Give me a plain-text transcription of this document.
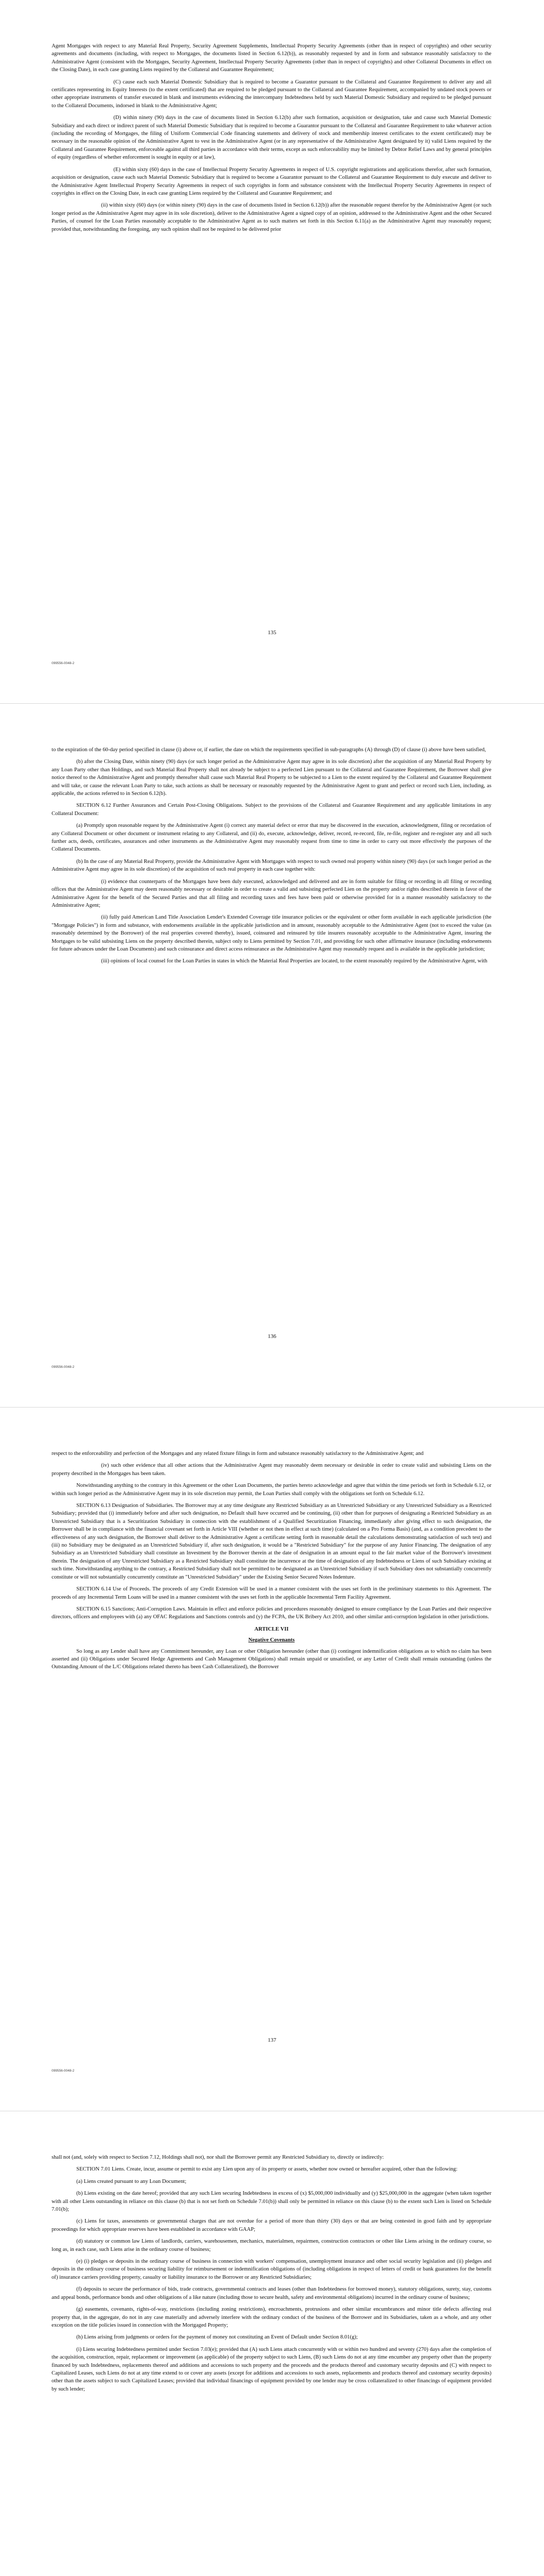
Agent Mortgages with respect to any Material Real Property, Security Agreement Supplements, Intellectual Property Security Agreements (other than in respect of copyrights) and other security agreements and documents (including, with respect to Mortgages, the documents listed in Section 6.12(b)), as reasonably requested by and in form and substance reasonably satisfactory to the Administrative Agent (consistent with the Mortgages, Security Agreement, Intellectual Property Security Agreements (other than in respect of copyrights) and other Collateral Documents in effect on the Closing Date), in each case granting Liens required by the Collateral and Guarantee Requirement;

(C) cause each such Material Domestic Subsidiary that is required to become a Guarantor pursuant to the Collateral and Guarantee Requirement to deliver any and all certificates representing its Equity Interests (to the extent certificated) that are required to be pledged pursuant to the Collateral and Guarantee Requirement, accompanied by undated stock powers or other appropriate instruments of transfer executed in blank and instruments evidencing the intercompany Indebtedness held by such Material Domestic Subsidiary and required to be pledged pursuant to the Collateral Documents, indorsed in blank to the Administrative Agent;

(D) within ninety (90) days in the case of documents listed in Section 6.12(b) after such formation, acquisition or designation, take and cause such Material Domestic Subsidiary and each direct or indirect parent of such Material Domestic Subsidiary that is required to become a Guarantor pursuant to the Collateral and Guarantee Requirement to take whatever action (including the recording of Mortgages, the filing of Uniform Commercial Code financing statements and delivery of stock and membership interest certificates to the extent certificated) may be necessary in the reasonable opinion of the Administrative Agent to vest in the Administrative Agent (or in any representative of the Administrative Agent designated by it) valid Liens required by the Collateral and Guarantee Requirement, enforceable against all third parties in accordance with their terms, except as such enforceability may be limited by Debtor Relief Laws and by general principles of equity (regardless of whether enforcement is sought in equity or at law),

(E) within sixty (60) days in the case of Intellectual Property Security Agreements in respect of U.S. copyright registrations and applications therefor, after such formation, acquisition or designation, cause each such Material Domestic Subsidiary that is required to become a Guarantor pursuant to the Collateral and Guarantee Requirement to duly execute and deliver to the Administrative Agent Intellectual Property Security Agreements in respect of such copyrights in form and substance consistent with the Intellectual Property Security Agreements in respect of copyrights in effect on the Closing Date, in each case granting Liens required by the Collateral and Guarantee Requirement; and

(ii) within sixty (60) days (or within ninety (90) days in the case of documents listed in Section 6.12(b)) after the reasonable request therefor by the Administrative Agent (or such longer period as the Administrative Agent may agree in its sole discretion), deliver to the Administrative Agent a signed copy of an opinion, addressed to the Administrative Agent and the other Secured Parties, of counsel for the Loan Parties reasonably acceptable to the Administrative Agent as to such matters set forth in this Section 6.11(a) as the Administrative Agent may reasonably request; provided that, notwithstanding the foregoing, any such opinion shall not be required to be delivered prior

135
099556-0048-2

to the expiration of the 60-day period specified in clause (i) above or, if earlier, the date on which the requirements specified in sub-paragraphs (A) through (D) of clause (i) above have been satisfied,

(b) after the Closing Date, within ninety (90) days (or such longer period as the Administrative Agent may agree in its sole discretion) after the acquisition of any Material Real Property by any Loan Party other than Holdings, and such Material Real Property shall not already be subject to a perfected Lien pursuant to the Collateral and Guarantee Requirement, the Borrower shall give notice thereof to the Administrative Agent and promptly thereafter shall cause such Material Real Property to be subjected to a Lien to the extent required by the Collateral and Guarantee Requirement and will take, or cause the relevant Loan Party to take, such actions as shall be necessary or reasonably requested by the Administrative Agent to grant and perfect or record such Lien, including, as applicable, the actions referred to in Section 6.12(b).

SECTION 6.12 Further Assurances and Certain Post-Closing Obligations. Subject to the provisions of the Collateral and Guarantee Requirement and any applicable limitations in any Collateral Document:

(a) Promptly upon reasonable request by the Administrative Agent (i) correct any material defect or error that may be discovered in the execution, acknowledgment, filing or recordation of any Collateral Document or other document or instrument relating to any Collateral, and (ii) do, execute, acknowledge, deliver, record, re-record, file, re-file, register and re-register any and all such further acts, deeds, certificates, assurances and other instruments as the Administrative Agent may reasonably request from time to time in order to carry out more effectively the purposes of the Collateral Documents.

(b) In the case of any Material Real Property, provide the Administrative Agent with Mortgages with respect to such owned real property within ninety (90) days (or such longer period as the Administrative Agent may agree in its sole discretion) of the acquisition of such real property in each case together with:

(i) evidence that counterparts of the Mortgages have been duly executed, acknowledged and delivered and are in form suitable for filing or recording in all filing or recording offices that the Administrative Agent may deem reasonably necessary or desirable in order to create a valid and subsisting perfected Lien on the property and/or rights described therein in favor of the Administrative Agent for the benefit of the Secured Parties and that all filing and recording taxes and fees have been paid or otherwise provided for in a manner reasonably satisfactory to the Administrative Agent;

(ii) fully paid American Land Title Association Lender's Extended Coverage title insurance policies or the equivalent or other form available in each applicable jurisdiction (the "Mortgage Policies") in form and substance, with endorsements available in the applicable jurisdiction and in amount, reasonably acceptable to the Administrative Agent (not to exceed the value (as reasonably determined by the Borrower) of the real properties covered thereby), issued, coinsured and reinsured by title insurers reasonably acceptable to the Administrative Agent, insuring the Mortgages to be valid subsisting Liens on the property described therein, subject only to Liens permitted by Section 7.01, and providing for such other affirmative insurance (including endorsements for future advances under the Loan Documents) and such coinsurance and direct access reinsurance as the Administrative Agent may reasonably request and is available in the applicable jurisdiction;

(iii) opinions of local counsel for the Loan Parties in states in which the Material Real Properties are located, to the extent reasonably required by the Administrative Agent, with

136
099556-0048-2

respect to the enforceability and perfection of the Mortgages and any related fixture filings in form and substance reasonably satisfactory to the Administrative Agent; and

(iv) such other evidence that all other actions that the Administrative Agent may reasonably deem necessary or desirable in order to create valid and subsisting Liens on the property described in the Mortgages has been taken.

Notwithstanding anything to the contrary in this Agreement or the other Loan Documents, the parties hereto acknowledge and agree that within the time periods set forth in Schedule 6.12, or within such longer period as the Administrative Agent may in its sole discretion may permit, the Loan Parties shall comply with the obligations set forth on Schedule 6.12.

SECTION 6.13 Designation of Subsidiaries. The Borrower may at any time designate any Restricted Subsidiary as an Unrestricted Subsidiary or any Unrestricted Subsidiary as a Restricted Subsidiary; provided that (i) immediately before and after such designation, no Default shall have occurred and be continuing, (ii) other than for purposes of designating a Restricted Subsidiary as an Unrestricted Subsidiary that is a Securitization Subsidiary in connection with the establishment of a Qualified Securitization Financing, immediately after giving effect to such designation, the Borrower shall be in compliance with the financial covenant set forth in Article VIII (whether or not then in effect at such time) (calculated on a Pro Forma Basis) (and, as a condition precedent to the effectiveness of any such designation, the Borrower shall deliver to the Administrative Agent a certificate setting forth in reasonable detail the calculations demonstrating satisfaction of such test) and (iii) no Subsidiary may be designated as an Unrestricted Subsidiary if, after such designation, it would be a "Restricted Subsidiary" for the purpose of any Junior Financing. The designation of any Subsidiary as an Unrestricted Subsidiary shall constitute an Investment by the Borrower therein at the date of designation in an amount equal to the fair market value of the Borrower's investment therein. The designation of any Unrestricted Subsidiary as a Restricted Subsidiary shall constitute the incurrence at the time of designation of any Indebtedness or Liens of such Subsidiary existing at such time. Notwithstanding anything to the contrary, a Restricted Subsidiary shall not be permitted to be designated as an Unrestricted Subsidiary if such Subsidiary does not substantially concurrently constitute or will not substantially concurrently constitute an "Unrestricted Subsidiary" under the Existing Senior Secured Notes Indenture.

SECTION 6.14 Use of Proceeds. The proceeds of any Credit Extension will be used in a manner consistent with the uses set forth in the preliminary statements to this Agreement. The proceeds of any Incremental Term Loans will be used in a manner consistent with the uses set forth in the applicable Incremental Term Facility Agreement.

SECTION 6.15 Sanctions; Anti-Corruption Laws. Maintain in effect and enforce policies and procedures reasonably designed to ensure compliance by the Loan Parties and their respective directors, officers and employees with (a) any OFAC Regulations and Sanctions controls and (y) the FCPA, the UK Bribery Act 2010, and other similar anti-corruption legislation in other jurisdictions.

ARTICLE VII

Negative Covenants

So long as any Lender shall have any Commitment hereunder, any Loan or other Obligation hereunder (other than (i) contingent indemnification obligations as to which no claim has been asserted and (ii) Obligations under Secured Hedge Agreements and Cash Management Obligations) shall remain unpaid or unsatisfied, or any Letter of Credit shall remain outstanding (unless the Outstanding Amount of the L/C Obligations related thereto has been Cash Collateralized), the Borrower

137
099556-0048-2

shall not (and, solely with respect to Section 7.12, Holdings shall not), nor shall the Borrower permit any Restricted Subsidiary to, directly or indirectly:

SECTION 7.01 Liens. Create, incur, assume or permit to exist any Lien upon any of its property or assets, whether now owned or hereafter acquired, other than the following:

(a) Liens created pursuant to any Loan Document;

(b) Liens existing on the date hereof; provided that any such Lien securing Indebtedness in excess of (x) $5,000,000 individually and (y) $25,000,000 in the aggregate (when taken together with all other Liens outstanding in reliance on this clause (b) that is not set forth on Schedule 7.01(b)) shall only be permitted in reliance on this clause (b) to the extent such Lien is listed on Schedule 7.01(b);

(c) Liens for taxes, assessments or governmental charges that are not overdue for a period of more than thirty (30) days or that are being contested in good faith and by appropriate proceedings for which appropriate reserves have been established in accordance with GAAP;

(d) statutory or common law Liens of landlords, carriers, warehousemen, mechanics, materialmen, repairmen, construction contractors or other like Liens arising in the ordinary course, so long as, in each case, such Liens arise in the ordinary course of business;

(e) (i) pledges or deposits in the ordinary course of business in connection with workers' compensation, unemployment insurance and other social security legislation and (ii) pledges and deposits in the ordinary course of business securing liability for reimbursement or indemnification obligations of (including obligations in respect of letters of credit or bank guarantees for the benefit of) insurance carriers providing property, casualty or liability insurance to the Borrower or any Restricted Subsidiaries;

(f) deposits to secure the performance of bids, trade contracts, governmental contracts and leases (other than Indebtedness for borrowed money), statutory obligations, surety, stay, customs and appeal bonds, performance bonds and other obligations of a like nature (including those to secure health, safety and environmental obligations) incurred in the ordinary course of business;

(g) easements, covenants, rights-of-way, restrictions (including zoning restrictions), encroachments, protrusions and other similar encumbrances and minor title defects affecting real property that, in the aggregate, do not in any case materially and adversely interfere with the ordinary conduct of the business of the Borrower and its Subsidiaries, taken as a whole, and any other exception on the title policies issued in connection with the Mortgaged Property;

(h) Liens arising from judgments or orders for the payment of money not constituting an Event of Default under Section 8.01(g);

(i) Liens securing Indebtedness permitted under Section 7.03(e); provided that (A) such Liens attach concurrently with or within two hundred and seventy (270) days after the completion of the acquisition, construction, repair, replacement or improvement (as applicable) of the property subject to such Liens, (B) such Liens do not at any time encumber any property other than the property financed by such Indebtedness, replacements thereof and additions and accessions to such property and the proceeds and the products thereof and customary security deposits and (C) with respect to Capitalized Leases, such Liens do not at any time extend to or cover any assets (except for additions and accessions to such assets, replacements and products thereof and customary security deposits) other than the assets subject to such Capitalized Leases; provided that individual financings of equipment provided by one lender may be cross collateralized to other financings of equipment provided by such lender;
